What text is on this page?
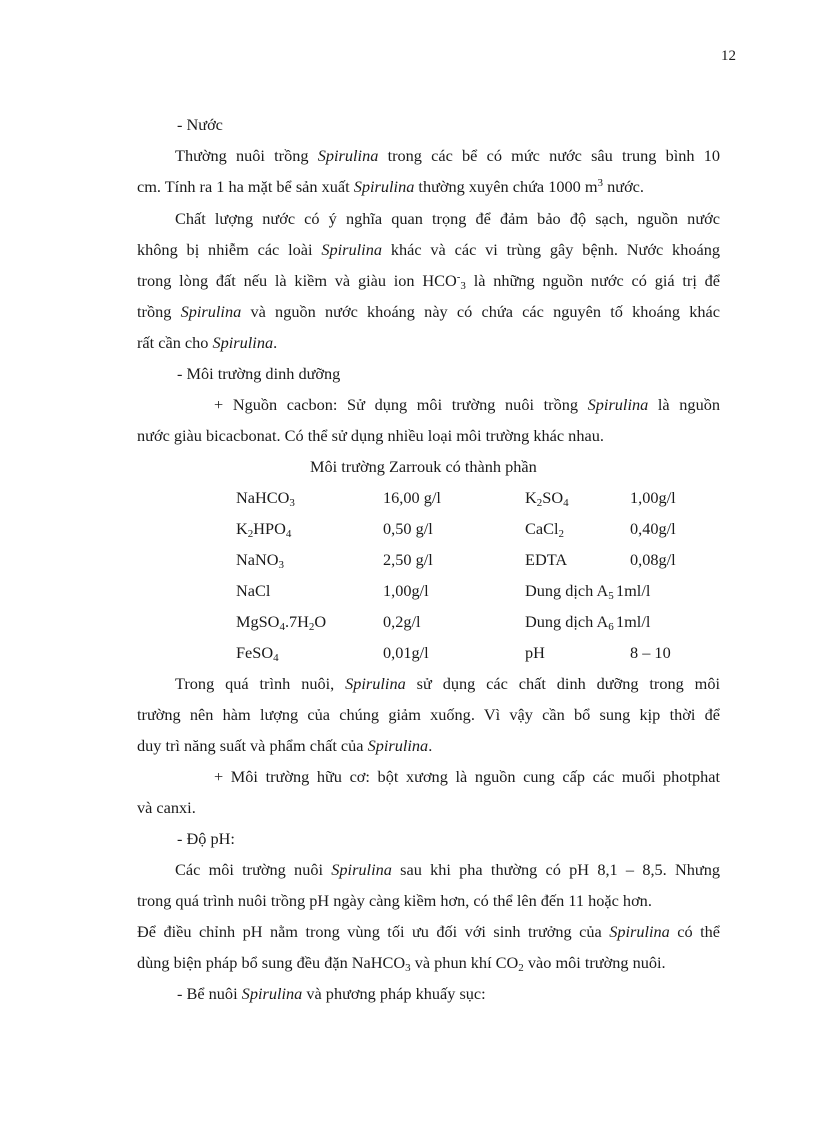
12
- Nước
Thường nuôi trồng Spirulina trong các bể có mức nước sâu trung bình 10
cm. Tính ra 1 ha mặt bể sản xuất Spirulina thường xuyên chứa 1000 $m^3$ nước.
Chất lượng nước có ý nghĩa quan trọng để đảm bảo độ sạch, nguồn nước
không bị nhiễm các loài Spirulina khác và các vi trùng gây bệnh. Nước khoáng
trong lòng đất nếu là kiềm và giàu ion $HCO^-_3$ là những nguồn nước có giá trị để
trồng Spirulina và nguồn nước khoáng này có chứa các nguyên tố khoáng khác
rất cần cho Spirulina.
- Môi trường dinh dưỡng
+ Nguồn cacbon: Sử dụng môi trường nuôi trồng Spirulina là nguồn
nước giàu bicacbonat. Có thể sử dụng nhiều loại môi trường khác nhau.
Môi trường Zarrouk có thành phần
NaHCO$_3$	16,00 g/l	$K_2SO_4$	1,00g/l
$K_2HPO_4$	0,50 g/l	CaCl$_2$	0,40g/l
NaNO$_3$	2,50 g/l	EDTA	0,08g/l
NaCl	1,00g/l	Dung dịch $A_5$ 1ml/l
$MgSO_4.7H_2O$	0,2g/l	Dung dịch $A_6$ 1ml/l
FeSO$_4$	0,01g/l	pH	8 – 10
Trong quá trình nuôi, Spirulina sử dụng các chất dinh dưỡng trong môi
trường nên hàm lượng của chúng giảm xuống. Vì vậy cần bổ sung kịp thời để
duy trì năng suất và phẩm chất của Spirulina.
+ Môi trường hữu cơ: bột xương là nguồn cung cấp các muối photphat
và canxi.
- Độ pH:
Các môi trường nuôi Spirulina sau khi pha thường có pH 8,1 – 8,5. Nhưng
trong quá trình nuôi trồng pH ngày càng kiềm hơn, có thể lên đến 11 hoặc hơn.
Để điều chỉnh pH nằm trong vùng tối ưu đối với sinh trưởng của Spirulina có thể
dùng biện pháp bổ sung đều đặn NaHCO$_3$ và phun khí $CO_2$ vào môi trường nuôi.
- Bể nuôi Spirulina và phương pháp khuấy sục:
